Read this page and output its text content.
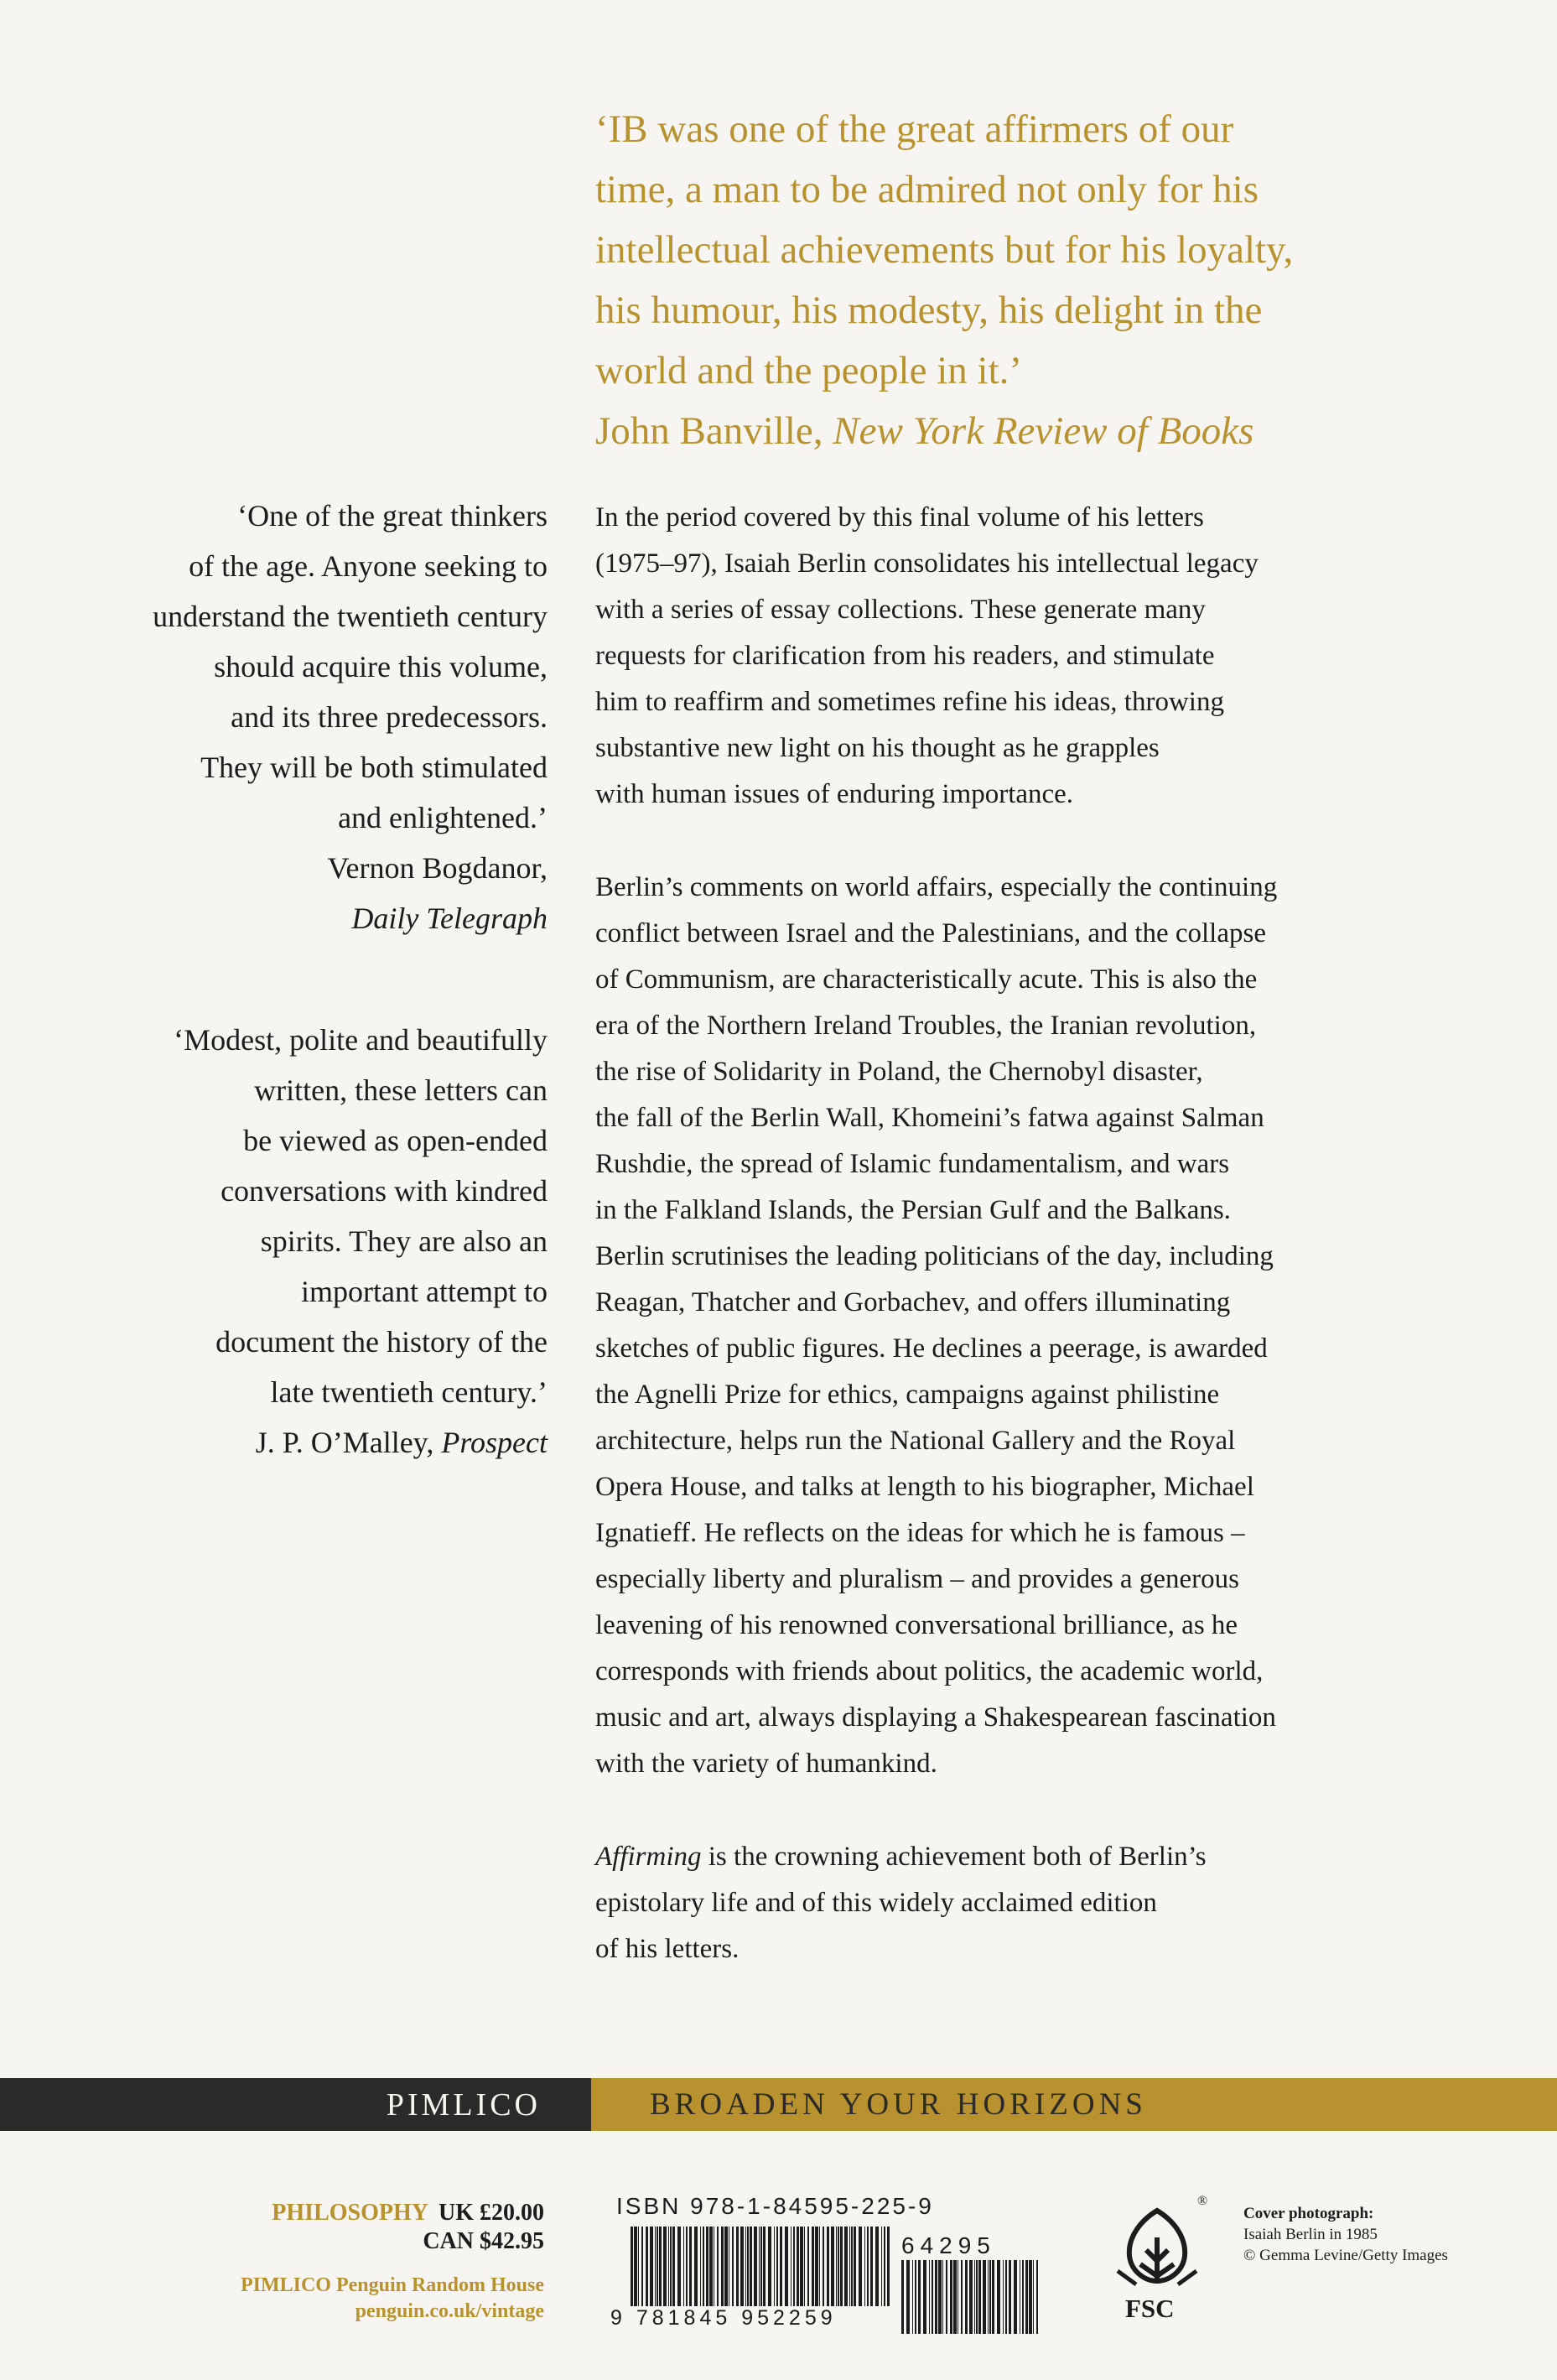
‘IB was one of the great affirmers of our
time, a man to be admired not only for his
intellectual achievements but for his loyalty,
his humour, his modesty, his delight in the
world and the people in it.’
John Banville, New York Review of Books
‘One of the great thinkers
of the age. Anyone seeking to
understand the twentieth century
should acquire this volume,
and its three predecessors.
They will be both stimulated
and enlightened.’
Vernon Bogdanor,
Daily Telegraph
‘Modest, polite and beautifully
written, these letters can
be viewed as open-ended
conversations with kindred
spirits. They are also an
important attempt to
document the history of the
late twentieth century.’
J. P. O’Malley, Prospect

In the period covered by this final volume of his letters
(1975–97), Isaiah Berlin consolidates his intellectual legacy
with a series of essay collections. These generate many
requests for clarification from his readers, and stimulate
him to reaffirm and sometimes refine his ideas, throwing
substantive new light on his thought as he grapples
with human issues of enduring importance.

Berlin’s comments on world affairs, especially the continuing
conflict between Israel and the Palestinians, and the collapse
of Communism, are characteristically acute. This is also the
era of the Northern Ireland Troubles, the Iranian revolution,
the rise of Solidarity in Poland, the Chernobyl disaster,
the fall of the Berlin Wall, Khomeini’s fatwa against Salman
Rushdie, the spread of Islamic fundamentalism, and wars
in the Falkland Islands, the Persian Gulf and the Balkans.
Berlin scrutinises the leading politicians of the day, including
Reagan, Thatcher and Gorbachev, and offers illuminating
sketches of public figures. He declines a peerage, is awarded
the Agnelli Prize for ethics, campaigns against philistine
architecture, helps run the National Gallery and the Royal
Opera House, and talks at length to his biographer, Michael
Ignatieff. He reflects on the ideas for which he is famous –
especially liberty and pluralism – and provides a generous
leavening of his renowned conversational brilliance, as he
corresponds with friends about politics, the academic world,
music and art, always displaying a Shakespearean fascination
with the variety of humankind.

Affirming is the crowning achievement both of Berlin’s
epistolary life and of this widely acclaimed edition
of his letters.

PIMLICO	BROADEN YOUR HORIZONS
PHILOSOPHY UK £20.00
CAN $42.95
PIMLICO Penguin Random House
penguin.co.uk/vintage
ISBN 978-1-84595-225-9
9 781845 952259
64295
FSC
®
Cover photograph:
Isaiah Berlin in 1985
© Gemma Levine/Getty Images
